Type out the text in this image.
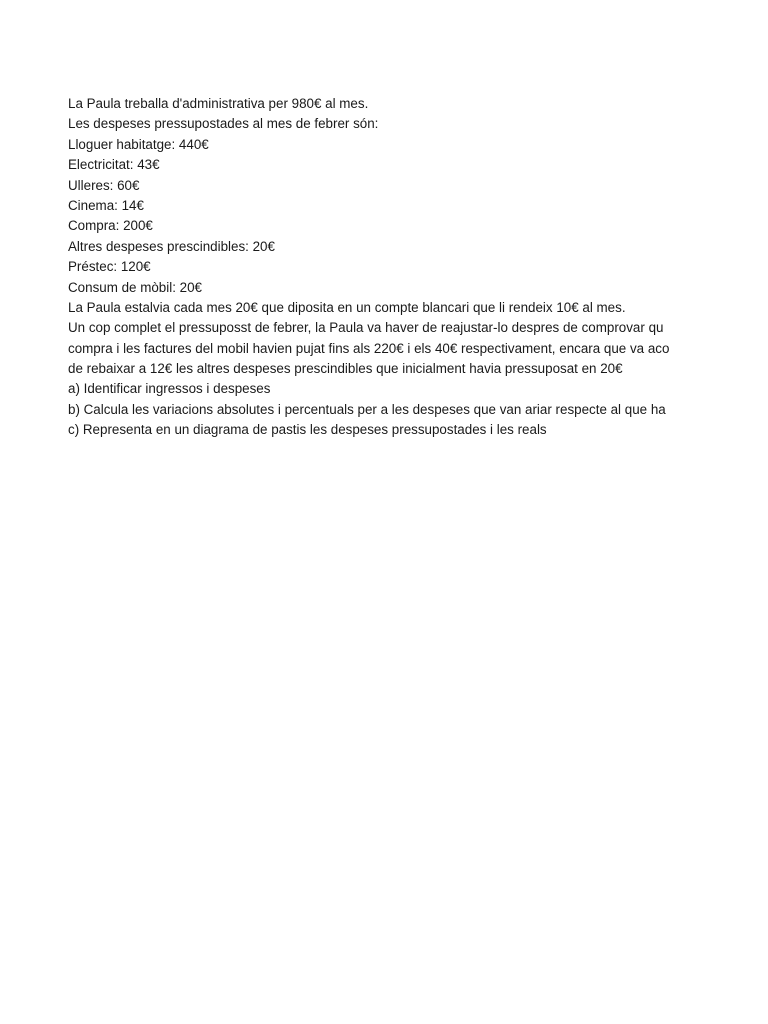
La Paula treballa d'administrativa per 980€ al mes.
Les despeses pressupostades al mes de febrer són:
Lloguer habitatge: 440€
Electricitat: 43€
Ulleres: 60€
Cinema: 14€
Compra: 200€
Altres despeses prescindibles: 20€
Préstec: 120€
Consum de mòbil: 20€
La Paula estalvia cada mes 20€ que diposita en un compte blancari que li rendeix 10€ al mes.
Un cop complet el pressuposst de febrer, la Paula va haver de reajustar-lo despres de comprovar qu
compra i les factures del mobil havien pujat fins als 220€ i els 40€ respectivament, encara que va aco
de rebaixar a 12€ les altres despeses prescindibles que inicialment havia pressuposat en 20€
a) Identificar ingressos i despeses
b) Calcula les variacions absolutes i percentuals per a les despeses que van ariar respecte al que ha
c) Representa en un diagrama de pastis les despeses pressupostades i les reals
